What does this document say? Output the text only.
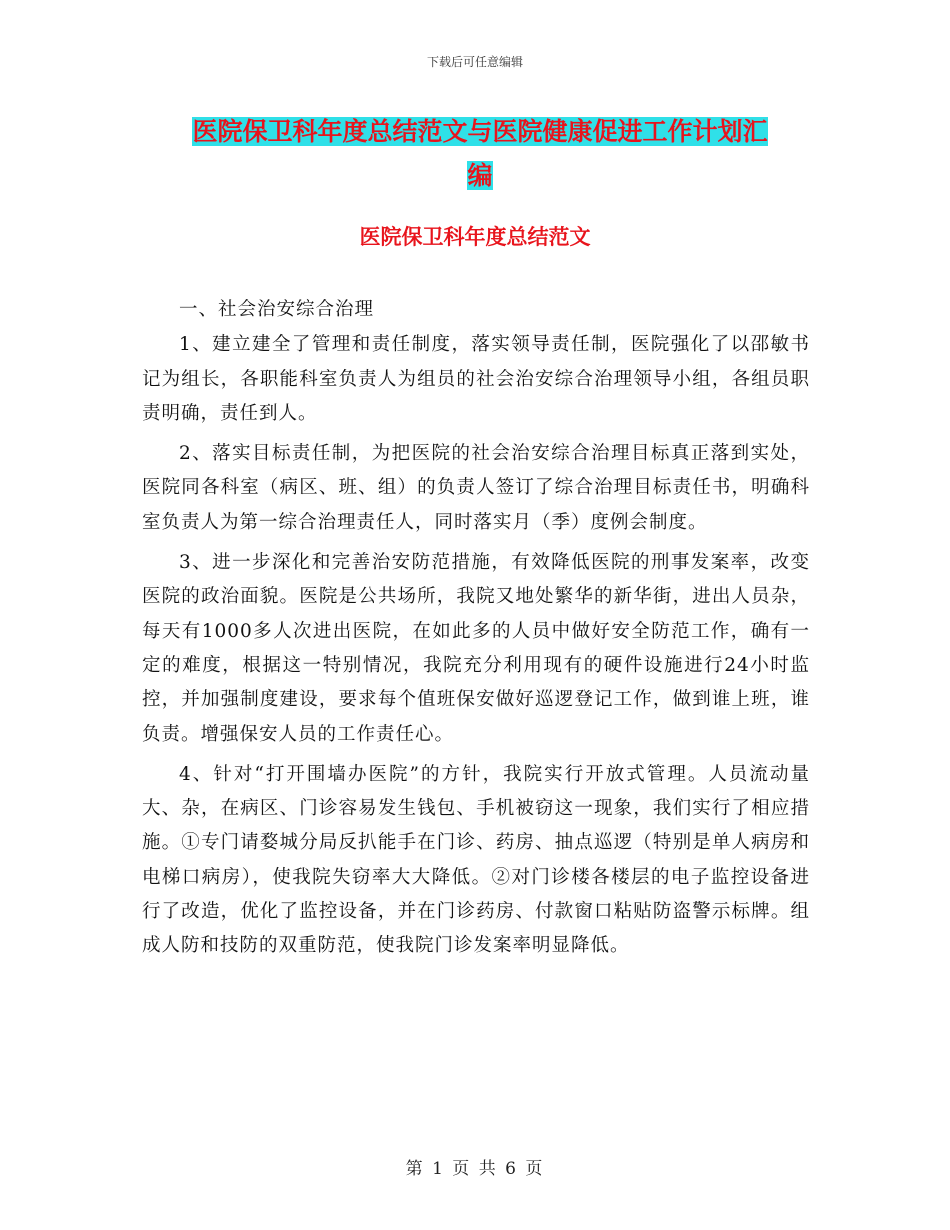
下载后可任意编辑
医院保卫科年度总结范文与医院健康促进工作计划汇
编
医院保卫科年度总结范文

一、社会治安综合治理

1、建立建全了管理和责任制度，落实领导责任制，医院强化了以邵敏书记为组长，各职能科室负责人为组员的社会治安综合治理领导小组，各组员职责明确，责任到人。

2、落实目标责任制，为把医院的社会治安综合治理目标真正落到实处，医院同各科室（病区、班、组）的负责人签订了综合治理目标责任书，明确科室负责人为第一综合治理责任人，同时落实月（季）度例会制度。

3、进一步深化和完善治安防范措施，有效降低医院的刑事发案率，改变医院的政治面貌。医院是公共场所，我院又地处繁华的新华街，进出人员杂，每天有1000多人次进出医院，在如此多的人员中做好安全防范工作，确有一定的难度，根据这一特别情况，我院充分利用现有的硬件设施进行24小时监控，并加强制度建设，要求每个值班保安做好巡逻登记工作，做到谁上班，谁负责。增强保安人员的工作责任心。

4、针对“打开围墙办医院”的方针，我院实行开放式管理。人员流动量大、杂，在病区、门诊容易发生钱包、手机被窃这一现象，我们实行了相应措施。①专门请婺城分局反扒能手在门诊、药房、抽点巡逻（特别是单人病房和电梯口病房），使我院失窃率大大降低。②对门诊楼各楼层的电子监控设备进行了改造，优化了监控设备，并在门诊药房、付款窗口粘贴防盗警示标牌。组成人防和技防的双重防范，使我院门诊发案率明显降低。

第 1 页 共 6 页
